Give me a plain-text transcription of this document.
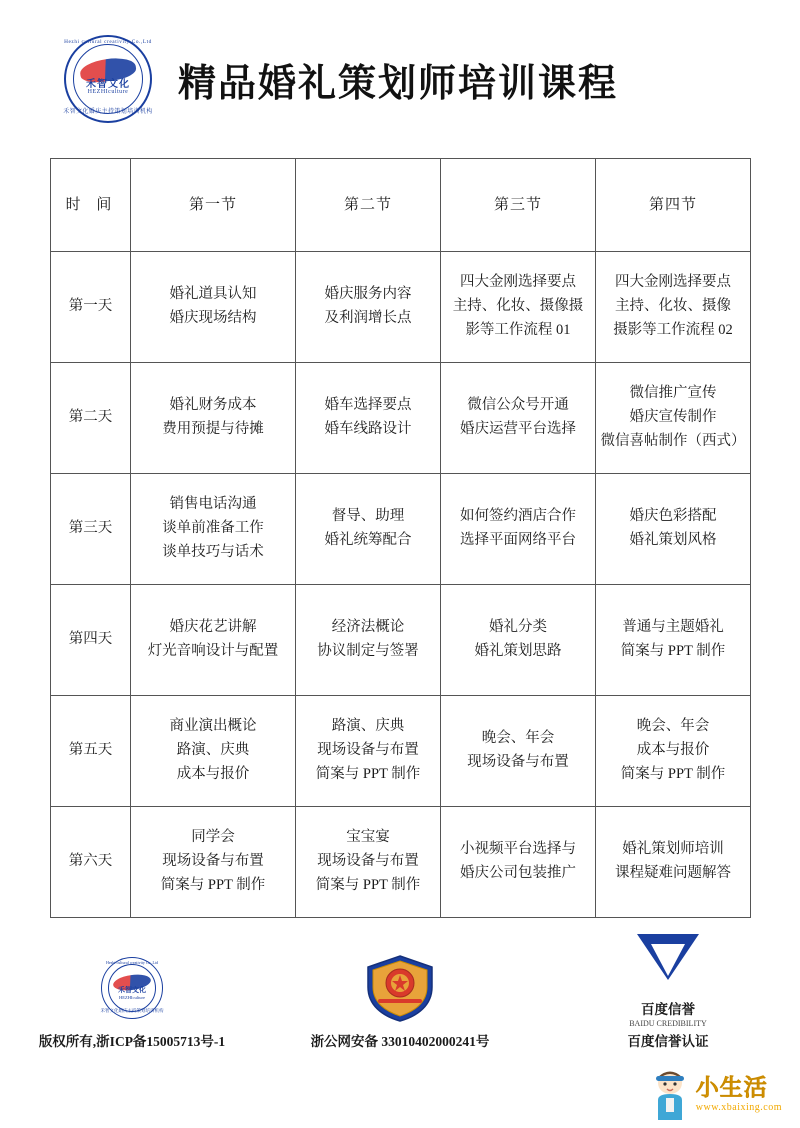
Hezhi cultural creativity Co.,Ltd
禾智文化
HEZHIculture
禾智文化婚庆主持策划培训机构
精品婚礼策划师培训课程
时 间	第一节	第二节	第三节	第四节
第一天	婚礼道具认知
婚庆现场结构	婚庆服务内容
及利润增长点	四大金刚选择要点
主持、化妆、摄像摄
影等工作流程 01	四大金刚选择要点
主持、化妆、摄像
摄影等工作流程 02

第二天	婚礼财务成本
费用预提与待摊	婚车选择要点
婚车线路设计	微信公众号开通
婚庆运营平台选择	微信推广宣传
婚庆宣传制作
微信喜帖制作（西式）

第三天	销售电话沟通
谈单前准备工作
谈单技巧与话术	督导、助理
婚礼统筹配合	如何签约酒店合作
选择平面网络平台	婚庆色彩搭配
婚礼策划风格

第四天	婚庆花艺讲解
灯光音响设计与配置	经济法概论
协议制定与签署	婚礼分类
婚礼策划思路	普通与主题婚礼
简案与 PPT 制作

第五天	商业演出概论
路演、庆典
成本与报价	路演、庆典
现场设备与布置
简案与 PPT 制作	晚会、年会
现场设备与布置	晚会、年会
成本与报价
简案与 PPT 制作

第六天	同学会
现场设备与布置
简案与 PPT 制作	宝宝宴
现场设备与布置
简案与 PPT 制作	小视频平台选择与
婚庆公司包装推广	婚礼策划师培训
课程疑难问题解答
Hezhi cultural creativity Co.,Ltd
禾智文化
HEZHIculture
禾智文化婚庆主持策划培训机构
版权所有,浙ICP备15005713号-1	浙公网安备 33010402000241号
百度信誉
BAIDU CREDIBILITY
百度信誉认证
小生活
www.xbaixing.com
